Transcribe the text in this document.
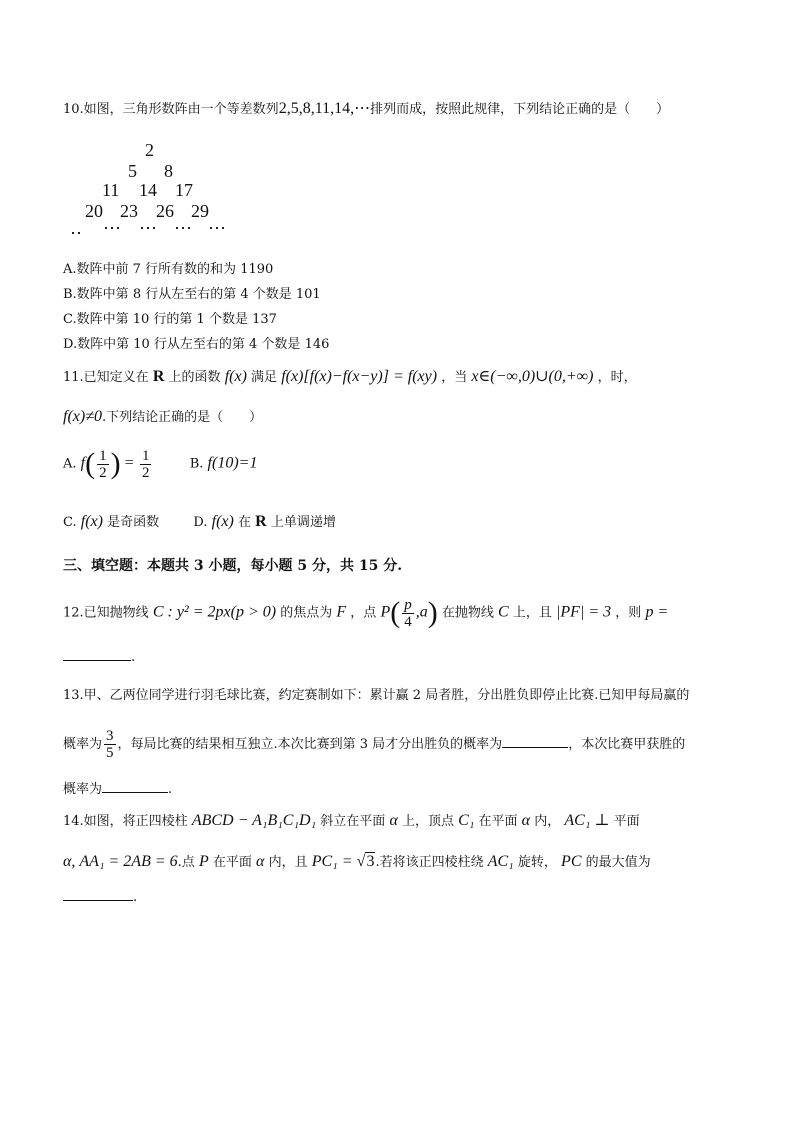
10.如图，三角形数阵由一个等差数列2,5,8,11,14,⋯排列而成，按照此规律，下列结论正确的是（　　）
2
5 8
11 14 17
20 23 26 29
‥ ⋯ ⋯ ⋯ ⋯
A.数阵中前 7 行所有数的和为 1190
B.数阵中第 8 行从左至右的第 4 个数是 101
C.数阵中第 10 行的第 1 个数是 137
D.数阵中第 10 行从左至右的第 4 个数是 146
11.已知定义在 R 上的函数 f(x) 满足 f(x)[f(x)−f(x−y)] = f(xy) ，当 x∈(−∞,0)∪(0,+∞) ，时，
f(x)≠0.下列结论正确的是（　　）
A. $f( \frac{1}{2}$ ) = $\frac{1}{2}$	B. f(10)=1
C. f(x) 是奇函数	D. f(x) 在 R 上单调递增
三、填空题：本题共 3 小题，每小题 5 分，共 15 分.
12.已知抛物线 C : y² = 2px(p > 0) 的焦点为 F ，点 $P( \frac{p}{4} ,a)$ 在抛物线 C 上，且 |PF| = 3 ，则 p =
.
13.甲、乙两位同学进行羽毛球比赛，约定赛制如下：累计赢 2 局者胜，分出胜负即停止比赛.已知甲每局赢的
概率为 $\frac{3}{5}$ ，每局比赛的结果相互独立.本次比赛到第 3 局才分出胜负的概率为	，本次比赛甲获胜的
概率为	.
14.如图，将正四棱柱 ABCD − A₁B₁C₁D₁ 斜立在平面 α 上，顶点 C₁ 在平面 α 内， AC₁ ⊥ 平面
α, AA₁ = 2AB = 6.点 P 在平面 α 内，且 PC₁ = √3.若将该正四棱柱绕 AC₁ 旋转， PC 的最大值为
.
